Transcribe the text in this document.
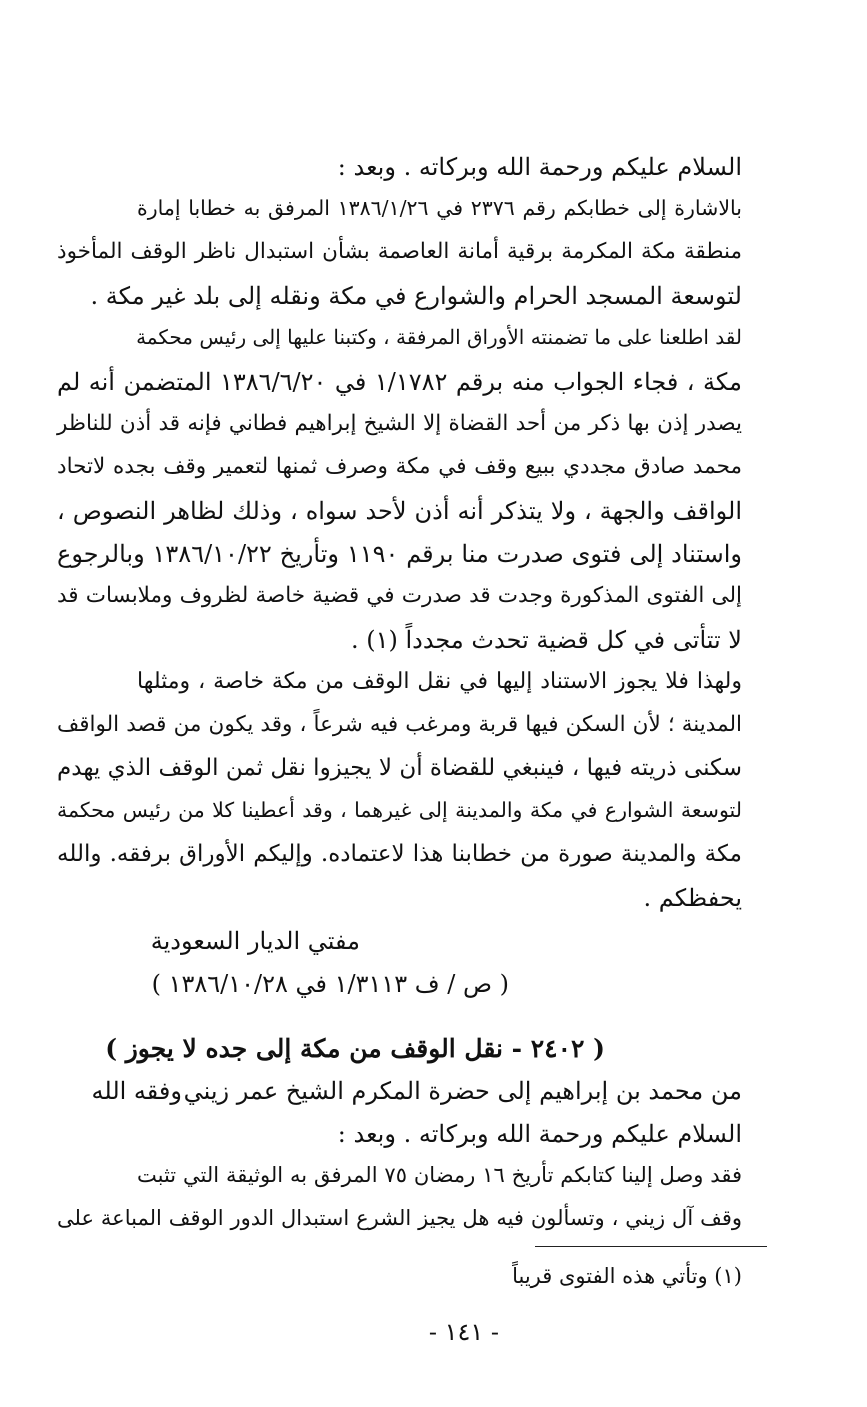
السلام عليكم ورحمة الله وبركاته . وبعد :
بالاشارة إلى خطابكم رقم ٢٣٧٦ في ١٣٨٦/١/٢٦ المرفق به خطابا إمارة
منطقة مكة المكرمة برقية أمانة العاصمة بشأن استبدال ناظر الوقف المأخوذ
لتوسعة المسجد الحرام والشوارع في مكة ونقله إلى بلد غير مكة .
لقد اطلعنا على ما تضمنته الأوراق المرفقة ، وكتبنا عليها إلى رئيس محكمة
مكة ، فجاء الجواب منه برقم ١/١٧٨٢ في ١٣٨٦/٦/٢٠ المتضمن أنه لم
يصدر إذن بها ذكر من أحد القضاة إلا الشيخ إبراهيم فطاني فإنه قد أذن للناظر
محمد صادق مجددي ببيع وقف في مكة وصرف ثمنها لتعمير وقف بجده لاتحاد
الواقف والجهة ، ولا يتذكر أنه أذن لأحد سواه ، وذلك لظاهر النصوص ،
واستناد إلى فتوى صدرت منا برقم ١١٩٠ وتأريخ ١٣٨٦/١٠/٢٢ وبالرجوع
إلى الفتوى المذكورة وجدت قد صدرت في قضية خاصة لظروف وملابسات قد
لا تتأتى في كل قضية تحدث مجدداً (١) .
ولهذا فلا يجوز الاستناد إليها في نقل الوقف من مكة خاصة ، ومثلها
المدينة ؛ لأن السكن فيها قربة ومرغب فيه شرعاً ، وقد يكون من قصد الواقف
سكنى ذريته فيها ، فينبغي للقضاة أن لا يجيزوا نقل ثمن الوقف الذي يهدم
لتوسعة الشوارع في مكة والمدينة إلى غيرهما ، وقد أعطينا كلا من رئيس محكمة
مكة والمدينة صورة من خطابنا هذا لاعتماده. وإليكم الأوراق برفقه. والله
يحفظكم .
مفتي الديار السعودية
( ص / ف ١/٣١١٣ في ١٣٨٦/١٠/٢٨ )
( ٢٤٠٢ - نقل الوقف من مكة إلى جده لا يجوز )
من محمد بن إبراهيم إلى حضرة المكرم الشيخ عمر زيني
وفقه الله
السلام عليكم ورحمة الله وبركاته . وبعد :
فقد وصل إلينا كتابكم تأريخ ١٦ رمضان ٧٥ المرفق به الوثيقة التي تثبت
وقف آل زيني ، وتسألون فيه هل يجيز الشرع استبدال الدور الوقف المباعة على
(١) وتأتي هذه الفتوى قريباً
- ١٤١ -
